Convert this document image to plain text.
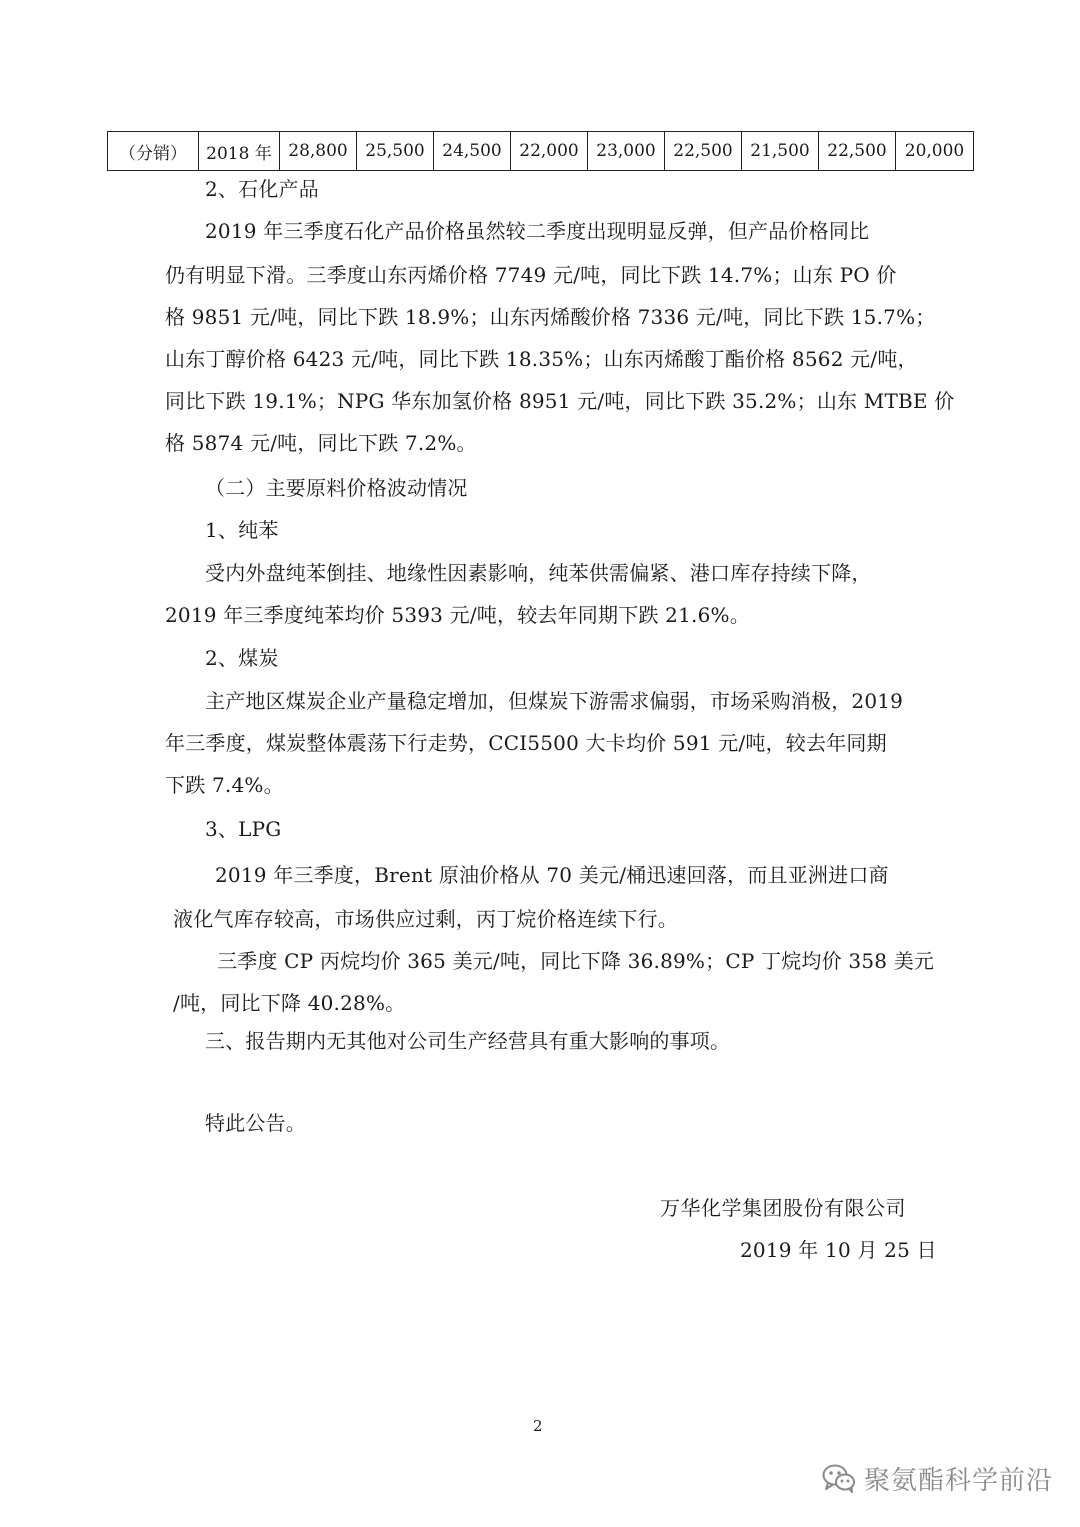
（分销）	2018 年	28,800	25,500	24,500	22,000	23,000	22,500	21,500	22,500	20,000
2、石化产品
2019 年三季度石化产品价格虽然较二季度出现明显反弹，但产品价格同比
仍有明显下滑。三季度山东丙烯价格 7749 元/吨，同比下跌 14.7%；山东 PO 价
格 9851 元/吨，同比下跌 18.9%；山东丙烯酸价格 7336 元/吨，同比下跌 15.7%；
山东丁醇价格 6423 元/吨，同比下跌 18.35%；山东丙烯酸丁酯价格 8562 元/吨，
同比下跌 19.1%；NPG 华东加氢价格 8951 元/吨，同比下跌 35.2%；山东 MTBE 价
格 5874 元/吨，同比下跌 7.2%。
（二）主要原料价格波动情况
1、纯苯
受内外盘纯苯倒挂、地缘性因素影响，纯苯供需偏紧、港口库存持续下降，
2019 年三季度纯苯均价 5393 元/吨，较去年同期下跌 21.6%。
2、煤炭
主产地区煤炭企业产量稳定增加，但煤炭下游需求偏弱，市场采购消极，2019
年三季度，煤炭整体震荡下行走势，CCI5500 大卡均价 591 元/吨，较去年同期
下跌 7.4%。
3、LPG
2019 年三季度，Brent 原油价格从 70 美元/桶迅速回落，而且亚洲进口商
液化气库存较高，市场供应过剩，丙丁烷价格连续下行。
三季度 CP 丙烷均价 365 美元/吨，同比下降 36.89%；CP 丁烷均价 358 美元
/吨，同比下降 40.28%。
三、报告期内无其他对公司生产经营具有重大影响的事项。
特此公告。
万华化学集团股份有限公司
2019 年 10 月 25 日
2
聚氨酯科学前沿
